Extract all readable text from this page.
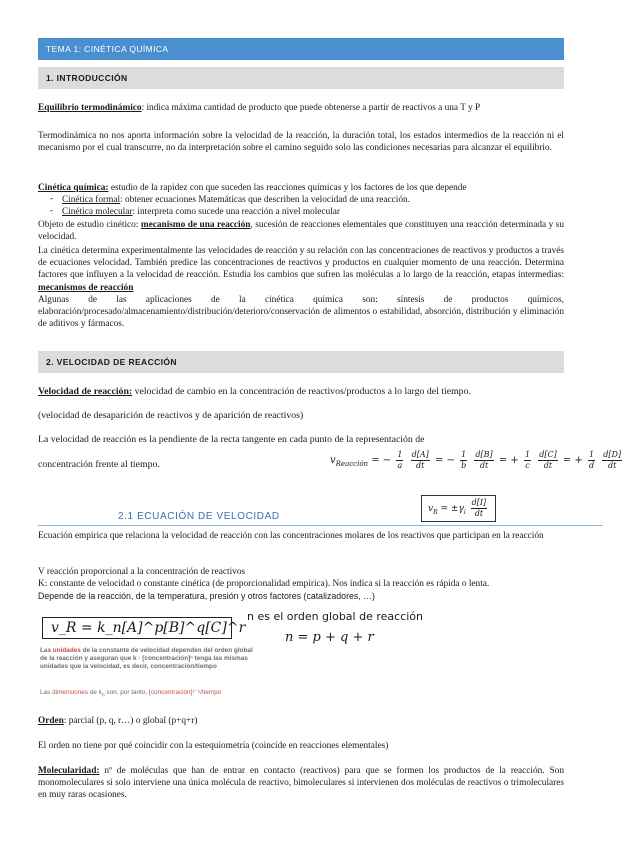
TEMA 1: CINÉTICA QUÍMICA
1. INTRODUCCIÓN
Equilibrio termodinámico: indica máxima cantidad de producto que puede obtenerse a partir de reactivos a una T y P
Termodinámica no nos aporta información sobre la velocidad de la reacción, la duración total, los estados intermedios de la reacción ni el mecanismo por el cual transcurre, no da interpretación sobre el camino seguido solo las condiciones necesarias para alcanzar el equilibrio.
Cinética química: estudio de la rapidez con que suceden las reacciones químicas y los factores de los que depende
- Cinética formal: obtener ecuaciones Matemáticas que describen la velocidad de una reacción.
- Cinética molecular: interpreta como sucede una reacción a nivel molecular
Objeto de estudio cinético: mecanismo de una reacción, sucesión de reacciones elementales que constituyen una reacción determinada y su velocidad.
La cinética determina experimentalmente las velocidades de reacción y su relación con las concentraciones de reactivos y productos a través de ecuaciones velocidad. También predice las concentraciones de reactivos y productos en cualquier momento de una reacción. Determina factores que influyen a la velocidad de reacción. Estudia los cambios que sufren las moléculas a lo largo de la reacción, etapas intermedias: mecanismos de reacción
Algunas de las aplicaciones de la cinética química son: síntesis de productos químicos, elaboración/procesado/almacenamiento/distribución/deterioro/conservación de alimentos o estabilidad, absorción, distribución y eliminación de aditivos y fármacos.
2. VELOCIDAD DE REACCIÓN
Velocidad de reacción: velocidad de cambio en la concentración de reactivos/productos a lo largo del tiempo.
(velocidad de desaparición de reactivos y de aparición de reactivos)
La velocidad de reacción es la pendiente de la recta tangente en cada punto de la representación de
concentración frente al tiempo.	$v_{Reacción}$ = − $\frac{1}{a}$
$\frac{d[A]}{dt}$ = − $\frac{1}{b}$
$\frac{d[B]}{dt}$ = + $\frac{1}{c}$
$\frac{d[C]}{dt}$ = + $\frac{1}{d}$
$\frac{d[D]}{dt}$
$v_R = \pm\gamma_i \frac{d[I]}{dt}$
2.1 ECUACIÓN DE VELOCIDAD
Ecuación empírica que relaciona la velocidad de reacción con las concentraciones molares de los reactivos que participan en la reacción
V reacción proporcional a la concentración de reactivos
K: constante de velocidad o constante cinética (de proporcionalidad empírica). Nos indica si la reacción es rápida o lenta.
Depende de la reacción, de la temperatura, presión y otros factores (catalizadores, …)
v_R = k_n[A]^p[B]^q[C]^r
n es el orden global de reacción
n = p + q + r
Las unidades de la constante de velocidad dependen del orden global de la reacción y aseguran que k · [concentración]ⁿ tenga las mismas unidades que la velocidad, es decir, concentración/tiempo
Las dimensiones de $k_n$ son, por tanto, [concentración]¹⁻ⁿ/tiempo
Orden: parcial (p, q, r…) o global (p+q+r)
El orden no tiene por qué coincidir con la estequiometría (coincide en reacciones elementales)
Molecularidad: nº de moléculas que han de entrar en contacto (reactivos) para que se formen los productos de la reacción. Son monomoleculares si solo interviene una única molécula de reactivo, bimoleculares si intervienen dos moléculas de reactivos o trimoleculares en muy raras ocasiones.
